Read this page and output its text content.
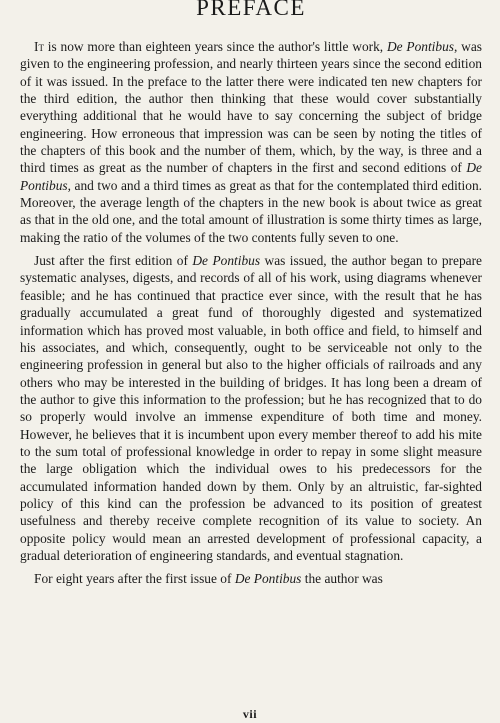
PREFACE

It is now more than eighteen years since the author's little work, De Pontibus, was given to the engineering profession, and nearly thirteen years since the second edition of it was issued. In the preface to the latter there were indicated ten new chapters for the third edition, the author then thinking that these would cover substantially everything additional that he would have to say concerning the subject of bridge engineering. How erroneous that impression was can be seen by noting the titles of the chapters of this book and the number of them, which, by the way, is three and a third times as great as the number of chapters in the first and second editions of De Pontibus, and two and a third times as great as that for the contemplated third edition. Moreover, the average length of the chapters in the new book is about twice as great as that in the old one, and the total amount of illustration is some thirty times as large, making the ratio of the volumes of the two contents fully seven to one.

Just after the first edition of De Pontibus was issued, the author began to prepare systematic analyses, digests, and records of all of his work, using diagrams whenever feasible; and he has continued that practice ever since, with the result that he has gradually accumulated a great fund of thoroughly digested and systematized information which has proved most valuable, in both office and field, to himself and his associates, and which, consequently, ought to be serviceable not only to the engineering profession in general but also to the higher officials of railroads and any others who may be interested in the building of bridges. It has long been a dream of the author to give this information to the profession; but he has recognized that to do so properly would involve an immense expenditure of both time and money. However, he believes that it is incumbent upon every member thereof to add his mite to the sum total of professional knowledge in order to repay in some slight measure the large obligation which the individual owes to his predecessors for the accumulated information handed down by them. Only by an altruistic, far-sighted policy of this kind can the profession be advanced to its position of greatest usefulness and thereby receive complete recognition of its value to society. An opposite policy would mean an arrested development of professional capacity, a gradual deterioration of engineering standards, and eventual stagnation.

For eight years after the first issue of De Pontibus the author was

vii
